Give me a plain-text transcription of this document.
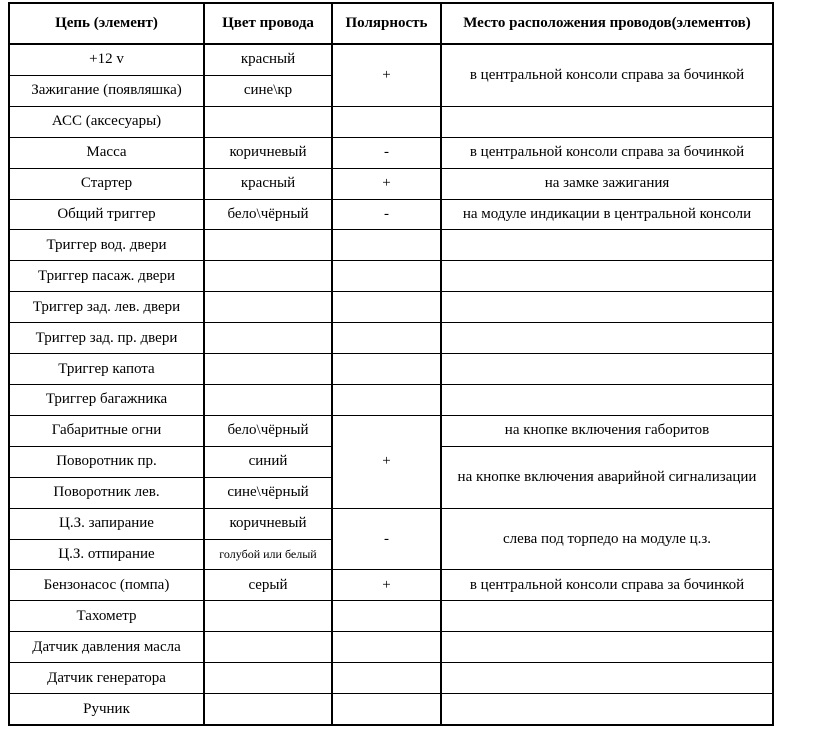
Цепь (элемент)	Цвет провода	Полярность	Место расположения проводов(элементов)
+12 v	красный	+	в центральной консоли справа за бочинкой
Зажигание (появляшка)	сине\кр		
АСС (аксесуары)			
Масса	коричневый	-	в центральной консоли справа за бочинкой
Стартер	красный	+	на замке зажигания
Общий триггер	бело\чёрный	-	на модуле индикации в центральной консоли
Триггер вод. двери			
Триггер пасаж. двери			
Триггер зад. лев. двери			
Триггер зад. пр. двери			
Триггер капота			
Триггер багажника			
Габаритные огни	бело\чёрный	+	на кнопке включения габоритов
Поворотник пр.	синий		на кнопке включения аварийной сигнализации
Поворотник лев.	сине\чёрный		
Ц.З. запирание	коричневый	-	слева под торпедо на модуле ц.з.
Ц.З. отпирание	голубой или белый		
Бензонасос (помпа)	серый	+	в центральной консоли справа за бочинкой
Тахометр			
Датчик давления масла			
Датчик генератора			
Ручник			
